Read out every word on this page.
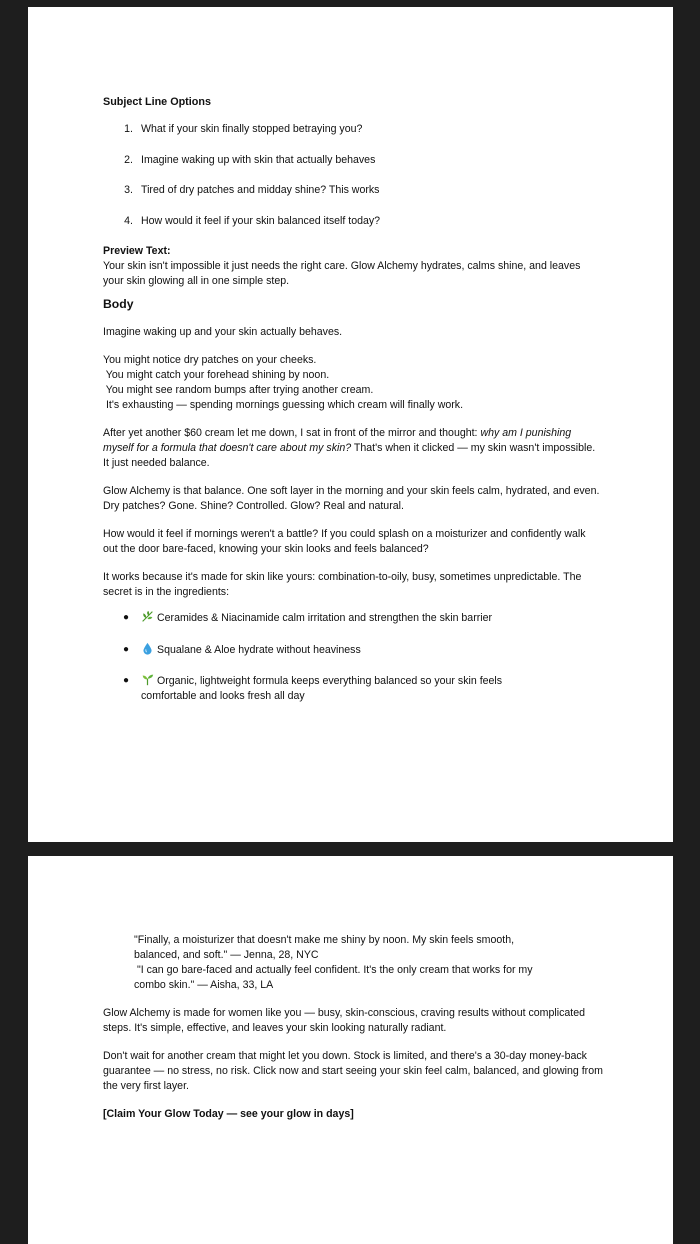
Subject Line Options

1. What if your skin finally stopped betraying you?
2. Imagine waking up with skin that actually behaves
3. Tired of dry patches and midday shine? This works
4. How would it feel if your skin balanced itself today?

Preview Text:

Your skin isn't impossible it just needs the right care. Glow Alchemy hydrates, calms shine, and leaves your skin glowing all in one simple step.

Body

Imagine waking up and your skin actually behaves.

You might notice dry patches on your cheeks.
You might catch your forehead shining by noon.
You might see random bumps after trying another cream.
It's exhausting — spending mornings guessing which cream will finally work.

After yet another $60 cream let me down, I sat in front of the mirror and thought: why am I punishing myself for a formula that doesn't care about my skin? That's when it clicked — my skin wasn't impossible. It just needed balance.

Glow Alchemy is that balance. One soft layer in the morning and your skin feels calm, hydrated, and even. Dry patches? Gone. Shine? Controlled. Glow? Real and natural.

How would it feel if mornings weren't a battle? If you could splash on a moisturizer and confidently walk out the door bare-faced, knowing your skin looks and feels balanced?

It works because it's made for skin like yours: combination-to-oily, busy, sometimes unpredictable. The secret is in the ingredients:

●	Ceramides & Niacinamide calm irritation and strengthen the skin barrier
●	Squalane & Aloe hydrate without heaviness
●	Organic, lightweight formula keeps everything balanced so your skin feels comfortable and looks fresh all day

"Finally, a moisturizer that doesn't make me shiny by noon. My skin feels smooth, balanced, and soft." — Jenna, 28, NYC

"I can go bare-faced and actually feel confident. It's the only cream that works for my combo skin." — Aisha, 33, LA

Glow Alchemy is made for women like you — busy, skin-conscious, craving results without complicated steps. It's simple, effective, and leaves your skin looking naturally radiant.

Don't wait for another cream that might let you down. Stock is limited, and there's a 30-day money-back guarantee — no stress, no risk. Click now and start seeing your skin feel calm, balanced, and glowing from the very first layer.

[Claim Your Glow Today — see your glow in days]
